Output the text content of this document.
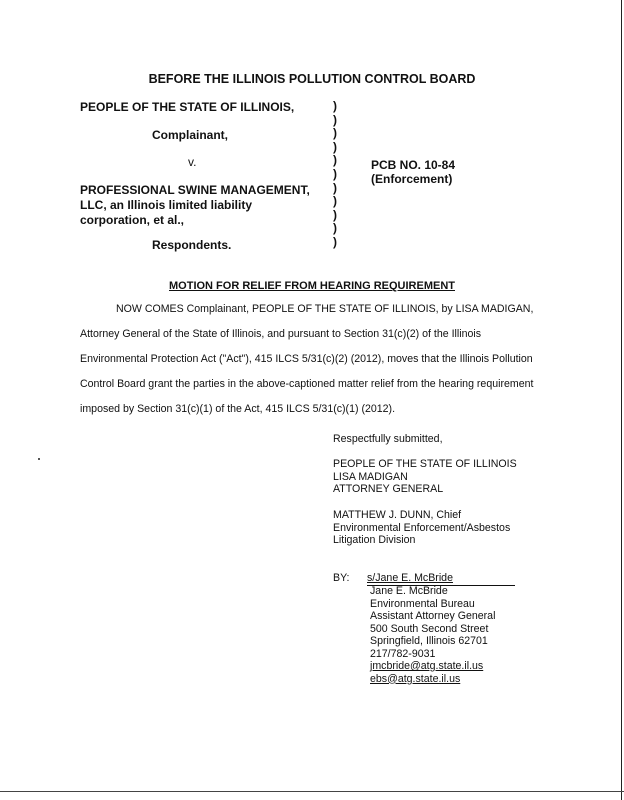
BEFORE THE ILLINOIS POLLUTION CONTROL BOARD
PEOPLE OF THE STATE OF ILLINOIS,
Complainant,
v.
PROFESSIONAL SWINE MANAGEMENT,
LLC, an Illinois limited liability
corporation, et al.,
Respondents.
)
)
)
)
)
)
)
)
)
)
)
PCB NO. 10-84
(Enforcement)
MOTION FOR RELIEF FROM HEARING REQUIREMENT

NOW COMES Complainant, PEOPLE OF THE STATE OF ILLINOIS, by LISA MADIGAN,

Attorney General of the State of Illinois, and pursuant to Section 31(c)(2) of the Illinois

Environmental Protection Act ("Act"), 415 ILCS 5/31(c)(2) (2012), moves that the Illinois Pollution

Control Board grant the parties in the above-captioned matter relief from the hearing requirement

imposed by Section 31(c)(1) of the Act, 415 ILCS 5/31(c)(1) (2012).

Respectfully submitted,
PEOPLE OF THE STATE OF ILLINOIS
LISA MADIGAN
ATTORNEY GENERAL
MATTHEW J. DUNN, Chief
Environmental Enforcement/Asbestos
Litigation Division
BY: s/Jane E. McBride
Jane E. McBride
Environmental Bureau
Assistant Attorney General
500 South Second Street
Springfield, Illinois 62701
217/782-9031
jmcbride@atg.state.il.us
ebs@atg.state.il.us
